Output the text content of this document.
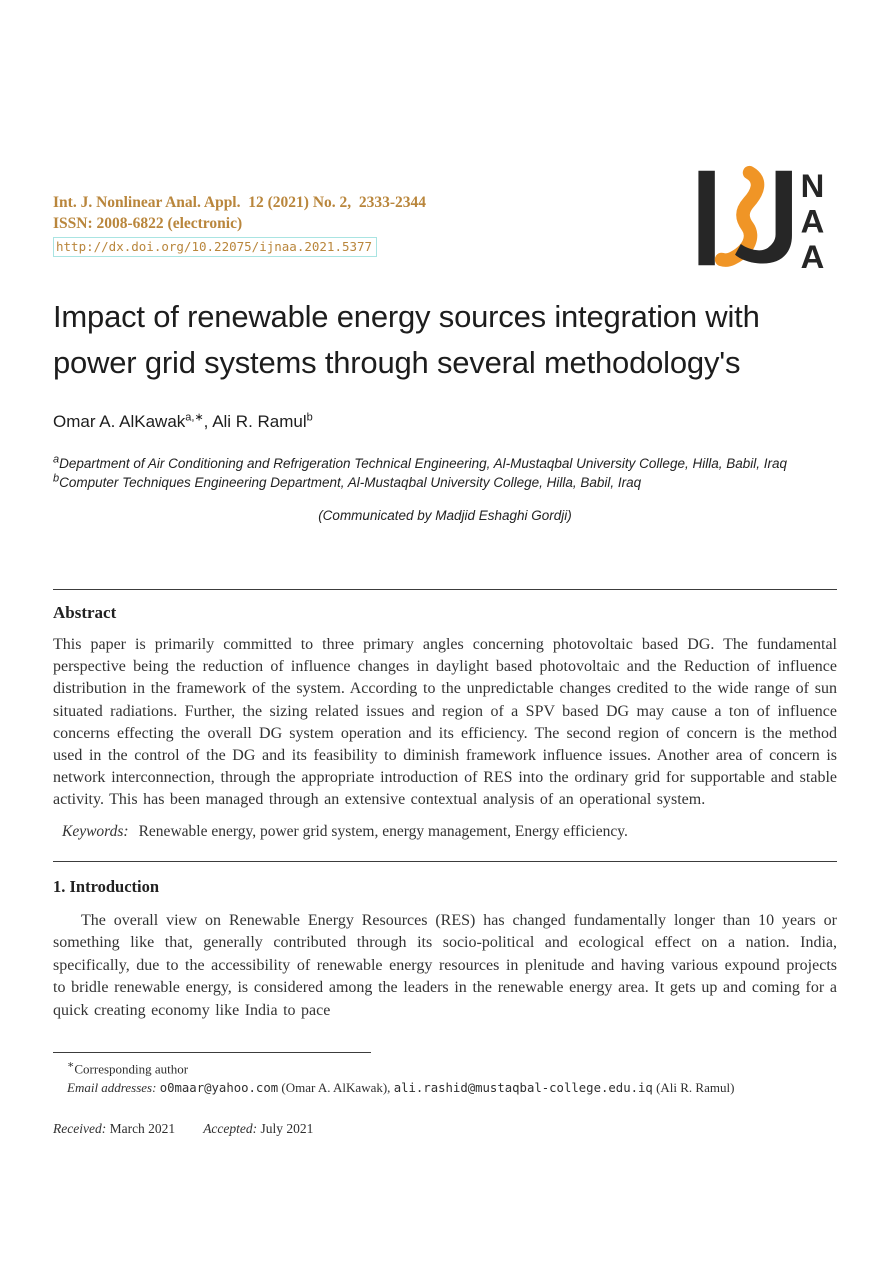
Int. J. Nonlinear Anal. Appl.  12 (2021) No. 2,  2333-2344
ISSN: 2008-6822 (electronic)
http://dx.doi.org/10.22075/ijnaa.2021.5377
N
A
A
Impact of renewable energy sources integration with
power grid systems through several methodology's
Omar A. AlKawak$^{a,∗}$, Ali R. Ramul$^b$
$^a$Department of Air Conditioning and Refrigeration Technical Engineering, Al-Mustaqbal University College, Hilla, Babil, Iraq
$^b$Computer Techniques Engineering Department, Al-Mustaqbal University College, Hilla, Babil, Iraq
(Communicated by Madjid Eshaghi Gordji)
Abstract

This paper is primarily committed to three primary angles concerning photovoltaic based DG. The fundamental perspective being the reduction of influence changes in daylight based photovoltaic and the Reduction of influence distribution in the framework of the system. According to the unpredictable changes credited to the wide range of sun situated radiations. Further, the sizing related issues and region of a SPV based DG may cause a ton of influence concerns effecting the overall DG system operation and its efficiency. The second region of concern is the method used in the control of the DG and its feasibility to diminish framework influence issues. Another area of concern is network interconnection, through the appropriate introduction of RES into the ordinary grid for supportable and stable activity. This has been managed through an extensive contextual analysis of an operational system.

Keywords: Renewable energy, power grid system, energy management, Energy efficiency.

1. Introduction

The overall view on Renewable Energy Resources (RES) has changed fundamentally longer than 10 years or something like that, generally contributed through its socio-political and ecological effect on a nation. India, specifically, due to the accessibility of renewable energy resources in plenitude and having various expound projects to bridle renewable energy, is considered among the leaders in the renewable energy area. It gets up and coming for a quick creating economy like India to pace

∗Corresponding author

Email addresses: o0maar@yahoo.com (Omar A. AlKawak), ali.rashid@mustaqbal-college.edu.iq (Ali R. Ramul)

Received: March 2021 Accepted: July 2021
